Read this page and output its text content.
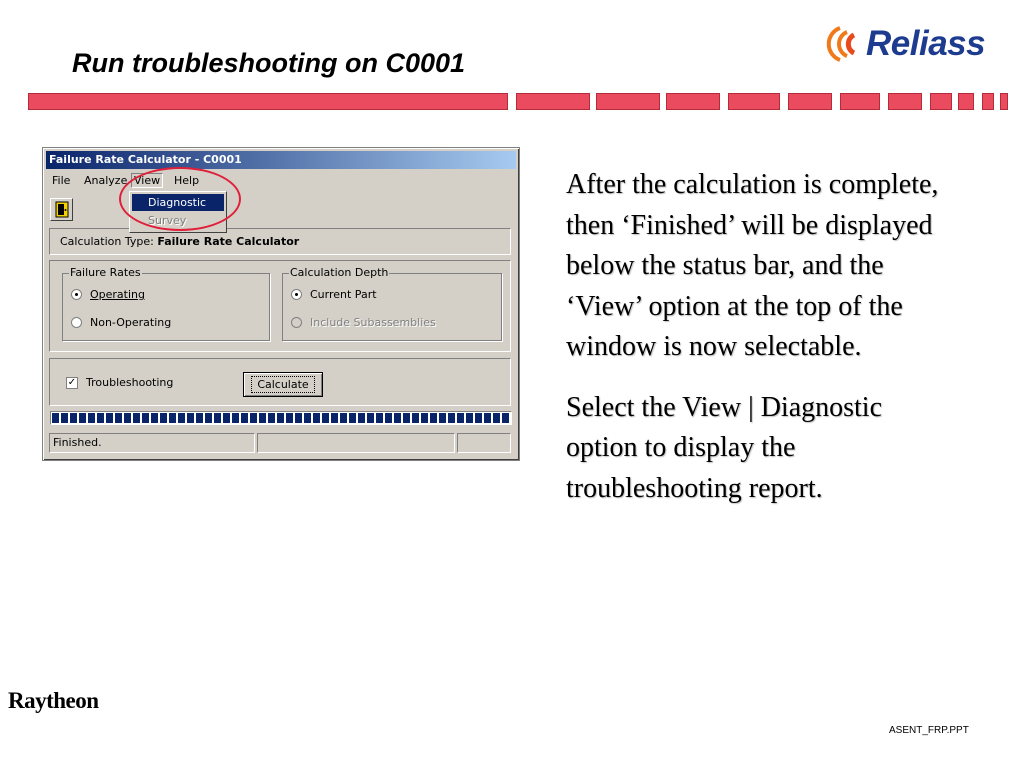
Run troubleshooting on C0001	Reliass
Failure Rate Calculator - C0001
File Analyze View Help
Diagnostic
Survey
Calculation Type: Failure Rate Calculator
Failure Rates
Operating
Non-Operating
Calculation Depth
Current Part
Include Subassemblies
✓ Troubleshooting	Calculate
Finished.

After the calculation is complete, then ‘Finished’ will be displayed below the status bar, and the ‘View’ option at the top of the window is now selectable.

Select the View | Diagnostic option to display the troubleshooting report.

Raytheon
ASENT_FRP.PPT
